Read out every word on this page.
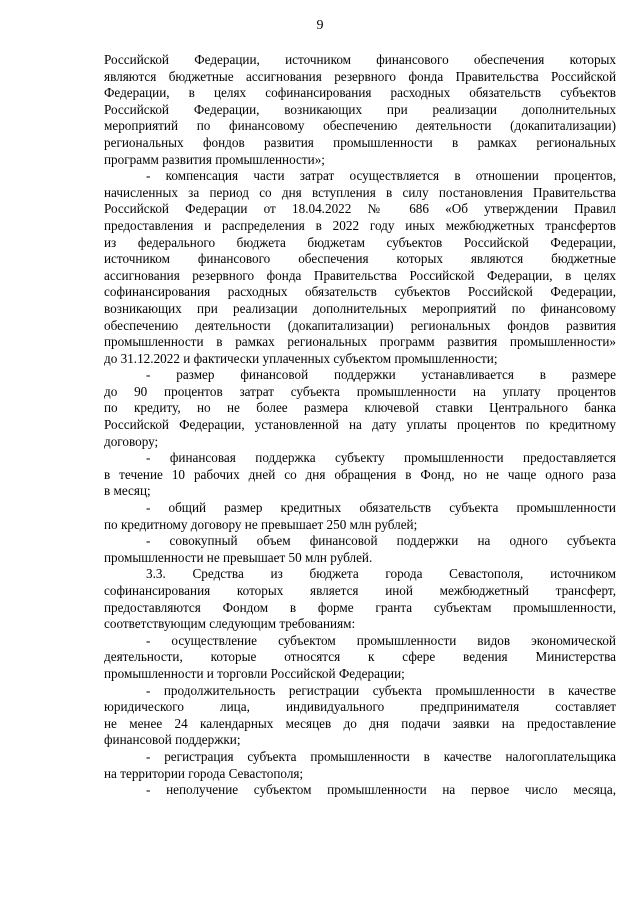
9

Российской Федерации, источником финансового обеспечения которых

являются бюджетные ассигнования резервного фонда Правительства Российской

Федерации, в целях софинансирования расходных обязательств субъектов

Российской Федерации, возникающих при реализации дополнительных

мероприятий по финансовому обеспечению деятельности (докапитализации)

региональных фондов развития промышленности в рамках региональных

программ развития промышленности»;

- компенсация части затрат осуществляется в отношении процентов,

начисленных за период со дня вступления в силу постановления Правительства

Российской Федерации от 18.04.2022 № 686 «Об утверждении Правил

предоставления и распределения в 2022 году иных межбюджетных трансфертов

из федерального бюджета бюджетам субъектов Российской Федерации,

источником финансового обеспечения которых являются бюджетные

ассигнования резервного фонда Правительства Российской Федерации, в целях

софинансирования расходных обязательств субъектов Российской Федерации,

возникающих при реализации дополнительных мероприятий по финансовому

обеспечению деятельности (докапитализации) региональных фондов развития

промышленности в рамках региональных программ развития промышленности»

до 31.12.2022 и фактически уплаченных субъектом промышленности;

- размер финансовой поддержки устанавливается в размере

до 90 процентов затрат субъекта промышленности на уплату процентов

по кредиту, но не более размера ключевой ставки Центрального банка

Российской Федерации, установленной на дату уплаты процентов по кредитному

договору;

- финансовая поддержка субъекту промышленности предоставляется

в течение 10 рабочих дней со дня обращения в Фонд, но не чаще одного раза

в месяц;

- общий размер кредитных обязательств субъекта промышленности

по кредитному договору не превышает 250 млн рублей;

- совокупный объем финансовой поддержки на одного субъекта

промышленности не превышает 50 млн рублей.

3.3. Средства из бюджета города Севастополя, источником

софинансирования которых является иной межбюджетный трансферт,

предоставляются Фондом в форме гранта субъектам промышленности,

соответствующим следующим требованиям:

- осуществление субъектом промышленности видов экономической

деятельности, которые относятся к сфере ведения Министерства

промышленности и торговли Российской Федерации;

- продолжительность регистрации субъекта промышленности в качестве

юридического лица, индивидуального предпринимателя составляет

не менее 24 календарных месяцев до дня подачи заявки на предоставление

финансовой поддержки;

- регистрация субъекта промышленности в качестве налогоплательщика

на территории города Севастополя;

- неполучение субъектом промышленности на первое число месяца,
